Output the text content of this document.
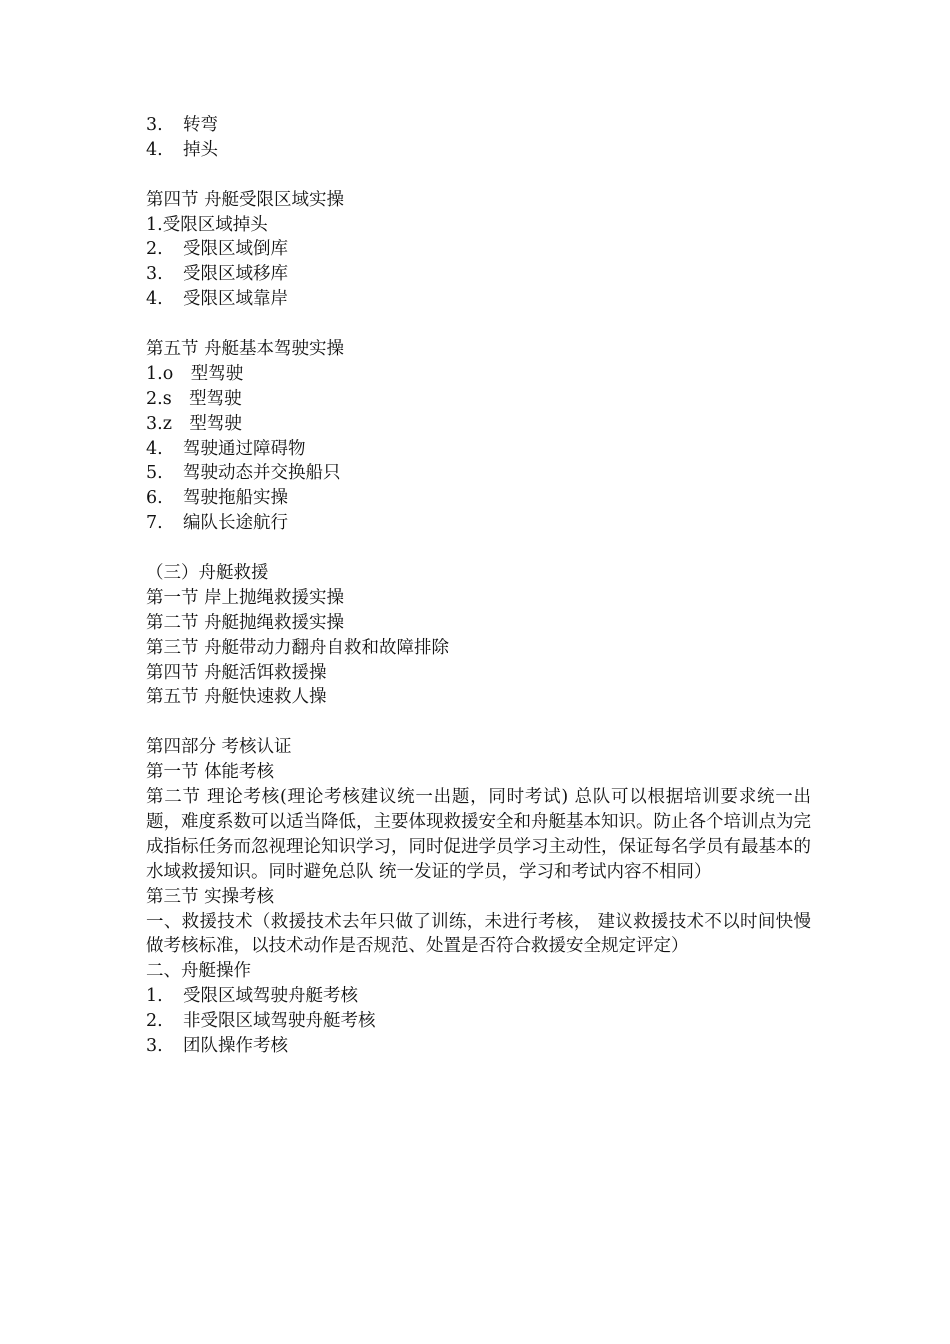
3. 转弯
4. 掉头
第四节 舟艇受限区域实操
1.受限区域掉头
2. 受限区域倒库
3. 受限区域移库
4. 受限区域靠岸
第五节 舟艇基本驾驶实操
1.o　型驾驶
2.s　型驾驶
3.z　型驾驶
4. 驾驶通过障碍物
5. 驾驶动态并交换船只
6. 驾驶拖船实操
7. 编队长途航行
（三）舟艇救援
第一节 岸上抛绳救援实操
第二节 舟艇抛绳救援实操
第三节 舟艇带动力翻舟自救和故障排除
第四节 舟艇活饵救援操
第五节 舟艇快速救人操
第四部分 考核认证
第一节 体能考核
第二节 理论考核(理论考核建议统一出题，同时考试) 总队可以根据培训要求统一出题，难度系数可以适当降低，主要体现救援安全和舟艇基本知识。防止各个培训点为完成指标任务而忽视理论知识学习，同时促进学员学习主动性，保证每名学员有最基本的水域救援知识。同时避免总队 统一发证的学员，学习和考试内容不相同）
第三节 实操考核
一、救援技术（救援技术去年只做了训练，未进行考核， 建议救援技术不以时间快慢做考核标准，以技术动作是否规范、处置是否符合救援安全规定评定）
二、舟艇操作
1. 受限区域驾驶舟艇考核
2. 非受限区域驾驶舟艇考核
3. 团队操作考核
